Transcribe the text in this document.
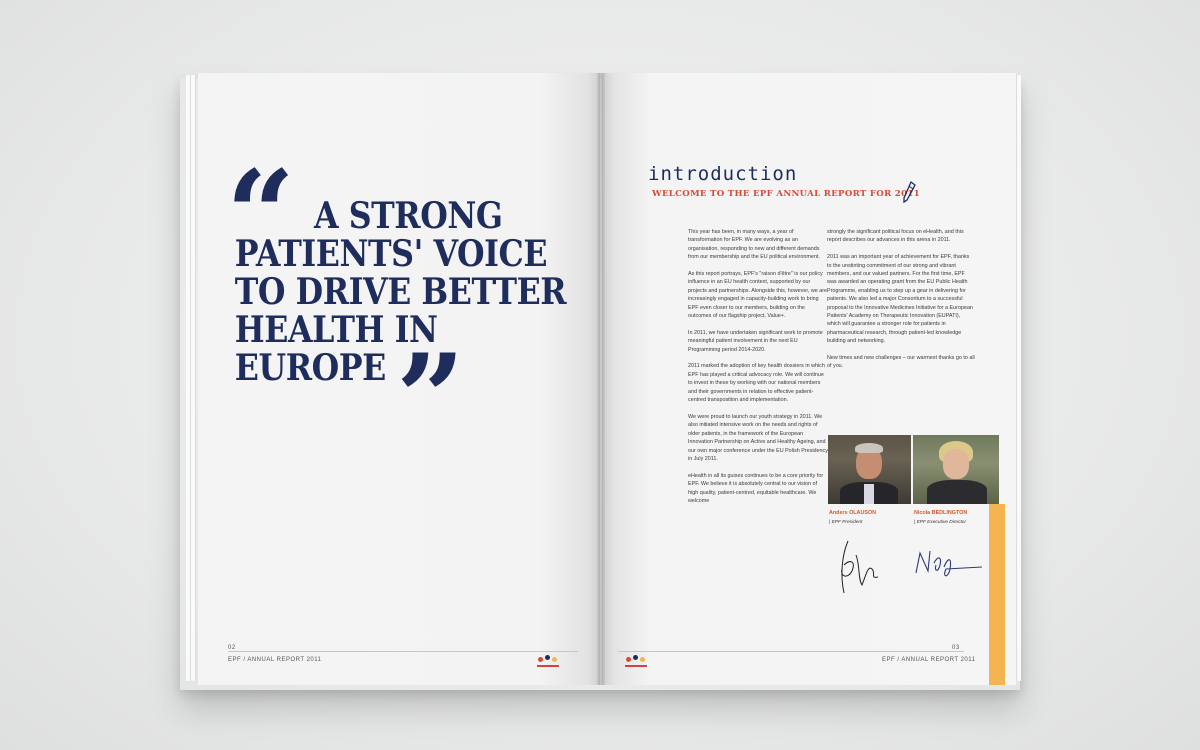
“ A STRONG
PATIENTS' VOICE
TO DRIVE BETTER
HEALTH IN
EUROPE ”
02
EPF / ANNUAL REPORT 2011
introduction
WELCOME TO THE EPF ANNUAL REPORT FOR 2011

This year has been, in many ways, a year of transformation for EPF. We are evolving as an organisation, responding to new and different demands from our membership and the EU political environment.

As this report portrays, EPF's "raison d'être" is our policy influence in an EU health context, supported by our projects and partnerships. Alongside this, however, we are increasingly engaged in capacity-building work to bring EPF even closer to our members, building on the outcomes of our flagship project, Value+.

In 2011, we have undertaken significant work to promote meaningful patient involvement in the next EU Programming period 2014-2020.

2011 marked the adoption of key health dossiers in which EPF has played a critical advocacy role. We will continue to invest in these by working with our national members and their governments in relation to effective patient-centred transposition and implementation.

We were proud to launch our youth strategy in 2011. We also initiated intensive work on the needs and rights of older patients, in the framework of the European Innovation Partnership on Active and Healthy Ageing, and our own major conference under the EU Polish Presidency in July 2011.

eHealth in all its guises continues to be a core priority for EPF. We believe it is absolutely central to our vision of high quality, patient-centred, equitable healthcare. We welcome

strongly the significant political focus on eHealth, and this report describes our advances in this arena in 2011.

2011 was an important year of achievement for EPF, thanks to the unstinting commitment of our strong and vibrant members, and our valued partners. For the first time, EPF was awarded an operating grant from the EU Public Health Programme, enabling us to step up a gear in delivering for patients. We also led a major Consortium to a successful proposal to the Innovative Medicines Initiative for a European Patients' Academy on Therapeutic Innovation (EUPATI), which will guarantee a stronger role for patients in pharmaceutical research, through patient-led knowledge building and networking.

New times and new challenges – our warmest thanks go to all of you.

Anders OLAUSON
| EPF President
Nicola BEDLINGTON
| EPF Executive Director
03
EPF / ANNUAL REPORT 2011
